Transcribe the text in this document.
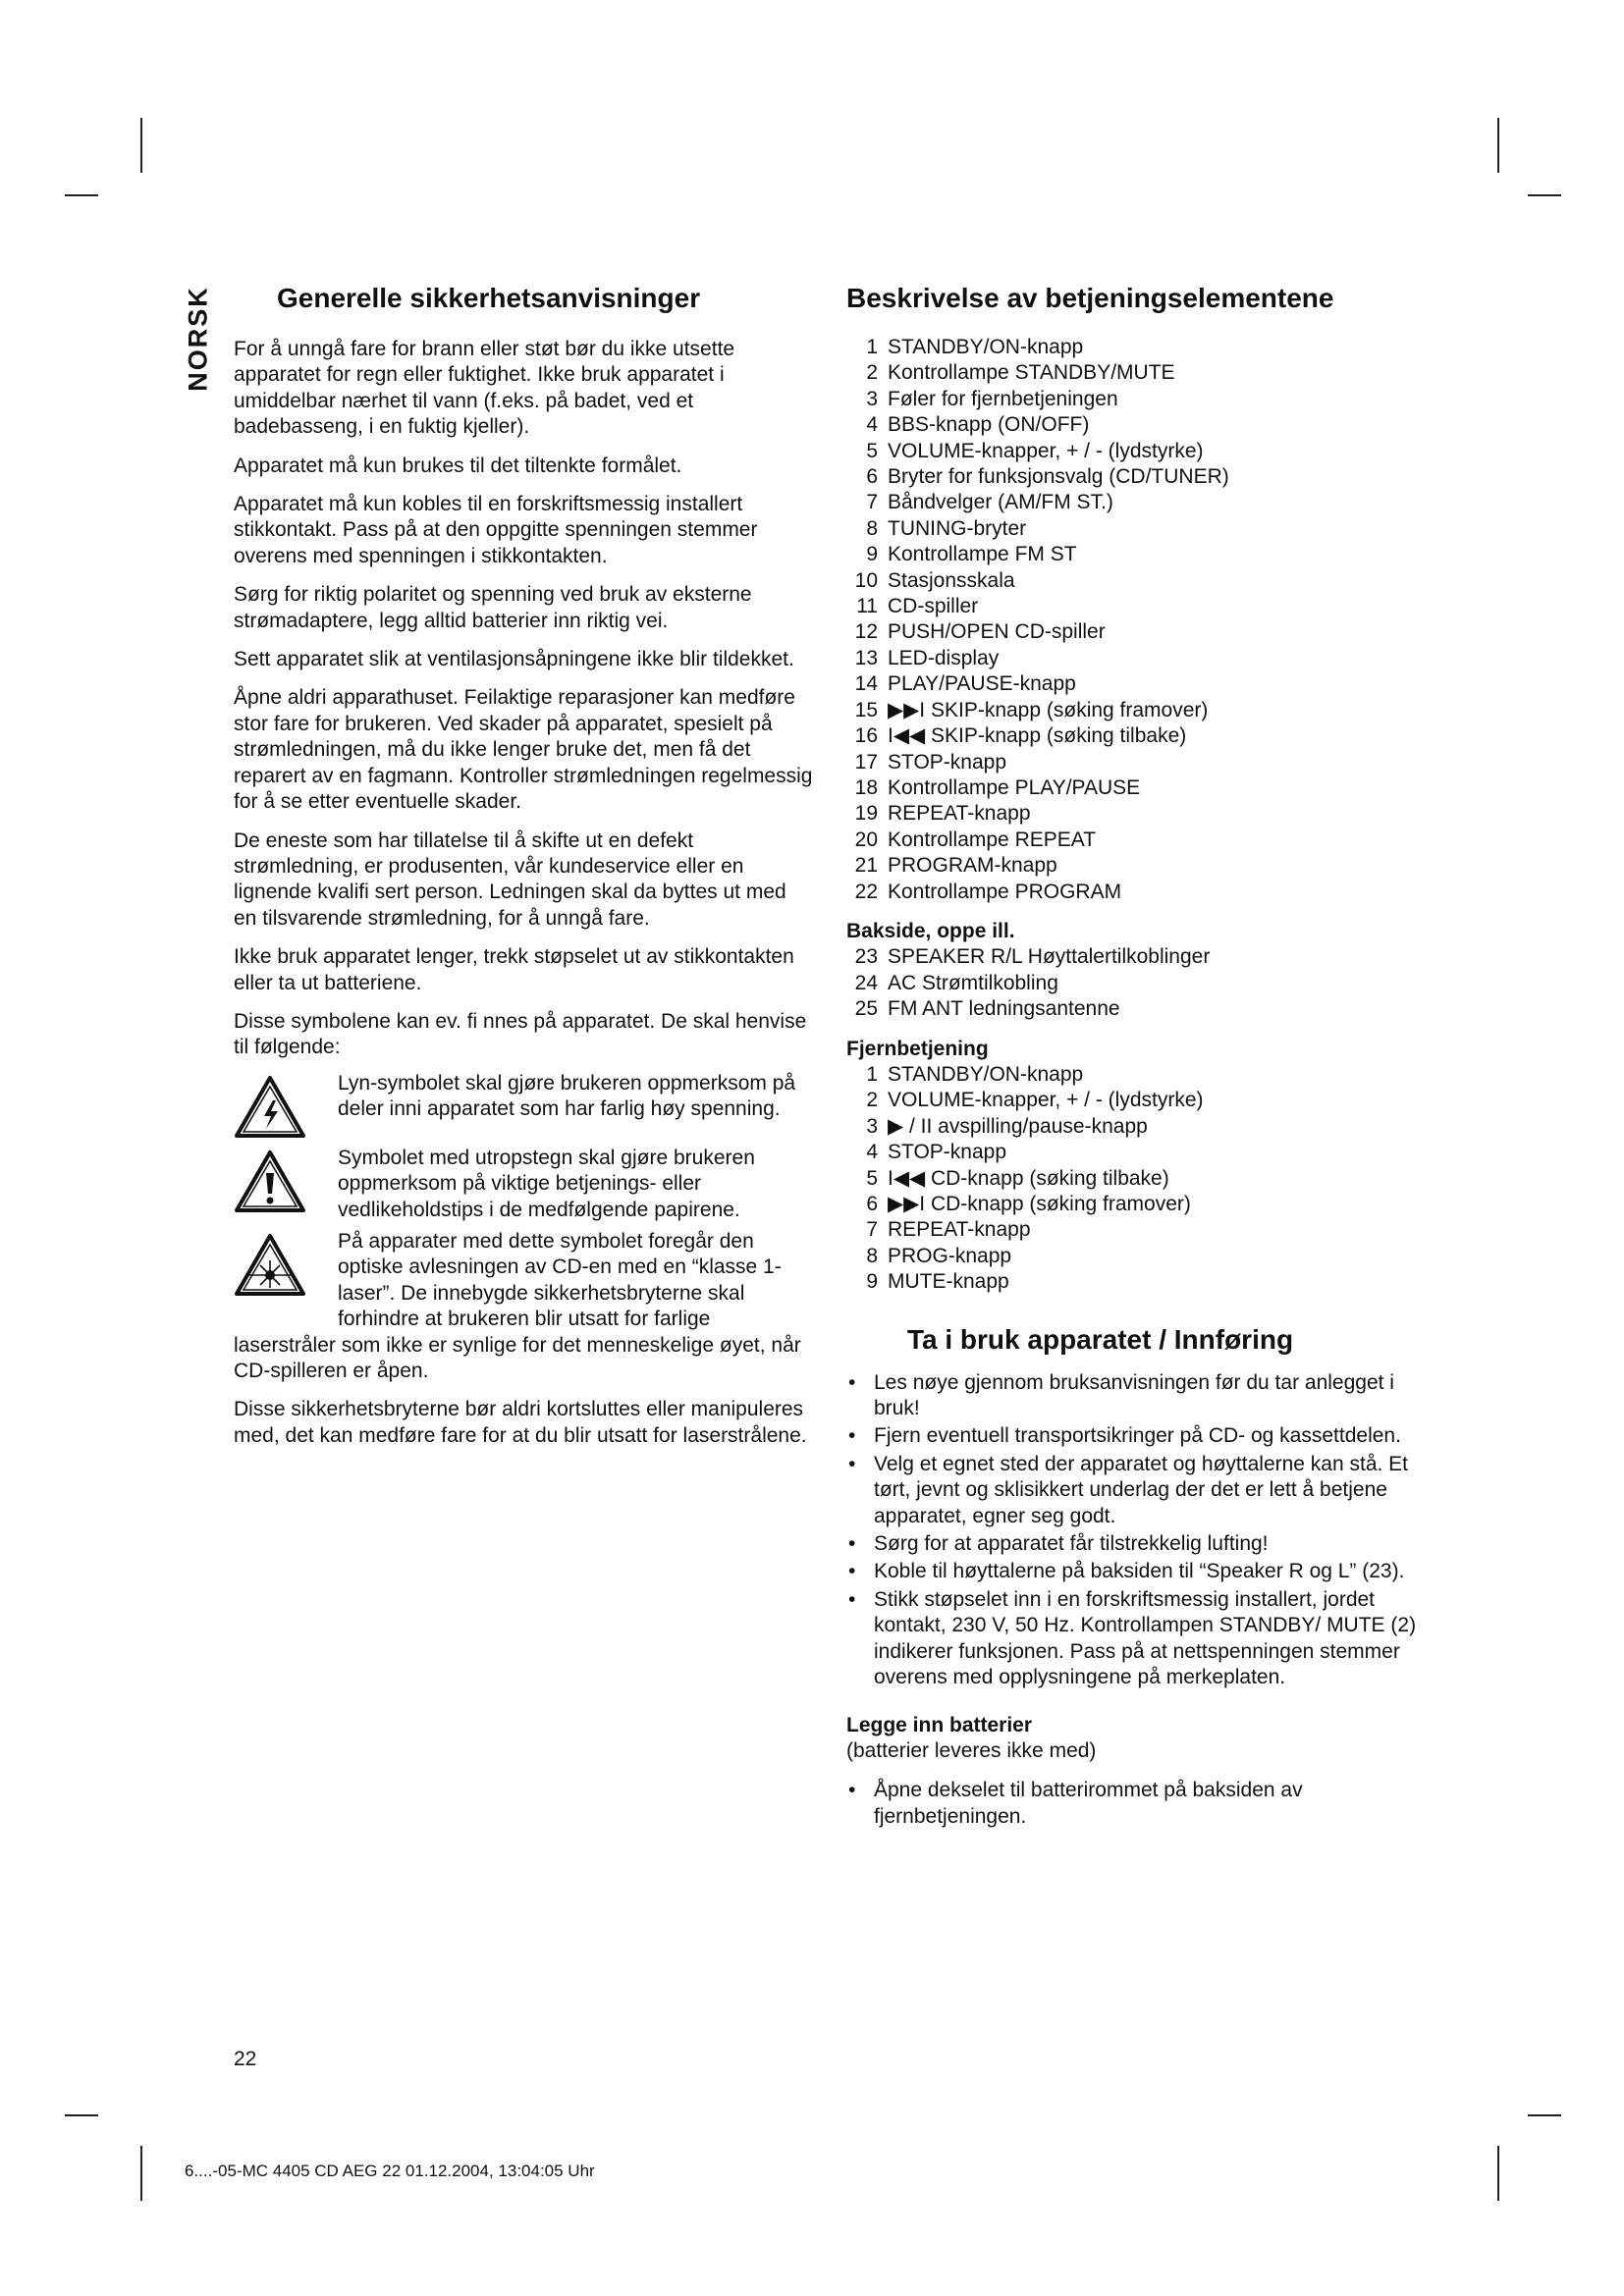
NORSK Generelle sikkerhetsanvisninger

For å unngå fare for brann eller støt bør du ikke utsette apparatet for regn eller fuktighet. Ikke bruk apparatet i umiddelbar nærhet til vann (f.eks. på badet, ved et badebasseng, i en fuktig kjeller).

Apparatet må kun brukes til det tiltenkte formålet.

Apparatet må kun kobles til en forskriftsmessig installert stikkontakt. Pass på at den oppgitte spenningen stemmer overens med spenningen i stikkontakten.

Sørg for riktig polaritet og spenning ved bruk av eksterne strømadaptere, legg alltid batterier inn riktig vei.

Sett apparatet slik at ventilasjonsåpningene ikke blir tildekket.

Åpne aldri apparathuset. Feilaktige reparasjoner kan medføre stor fare for brukeren. Ved skader på apparatet, spesielt på strømledningen, må du ikke lenger bruke det, men få det reparert av en fagmann. Kontroller strømledningen regelmessig for å se etter eventuelle skader.

De eneste som har tillatelse til å skifte ut en defekt strømledning, er produsenten, vår kundeservice eller en lignende kvalifi sert person. Ledningen skal da byttes ut med en tilsvarende strømledning, for å unngå fare.

Ikke bruk apparatet lenger, trekk støpselet ut av stikkontakten eller ta ut batteriene.

Disse symbolene kan ev. fi nnes på apparatet. De skal henvise til følgende:

Lyn-symbolet skal gjøre brukeren oppmerksom på deler inni apparatet som har farlig høy spenning.

Symbolet med utropstegn skal gjøre brukeren oppmerksom på viktige betjenings- eller vedlikeholdstips i de medfølgende papirene.

På apparater med dette symbolet foregår den optiske avlesningen av CD-en med en “klasse 1-laser”. De innebygde sikkerhetsbryterne skal forhindre at brukeren blir utsatt for farlige

laserstråler som ikke er synlige for det menneskelige øyet, når CD-spilleren er åpen.

Disse sikkerhetsbryterne bør aldri kortsluttes eller manipuleres med, det kan medføre fare for at du blir utsatt for laserstrålene.

Beskrivelse av betjeningselementene
1 STANDBY/ON-knapp
2 Kontrollampe STANDBY/MUTE
3 Føler for fjernbetjeningen
4 BBS-knapp (ON/OFF)
5 VOLUME-knapper, + / - (lydstyrke)
6 Bryter for funksjonsvalg (CD/TUNER)
7 Båndvelger (AM/FM ST.)
8 TUNING-bryter
9 Kontrollampe FM ST
10 Stasjonsskala
11 CD-spiller
12 PUSH/OPEN CD-spiller
13 LED-display
14 PLAY/PAUSE-knapp
15 ▶▶I SKIP-knapp (søking framover)
16 I◀◀ SKIP-knapp (søking tilbake)
17 STOP-knapp
18 Kontrollampe PLAY/PAUSE
19 REPEAT-knapp
20 Kontrollampe REPEAT
21 PROGRAM-knapp
22 Kontrollampe PROGRAM
Bakside, oppe ill.
23 SPEAKER R/L Høyttalertilkoblinger
24 AC Strømtilkobling
25 FM ANT ledningsantenne
Fjernbetjening
1 STANDBY/ON-knapp
2 VOLUME-knapper, + / - (lydstyrke)
3 ▶ / II avspilling/pause-knapp
4 STOP-knapp
5 I◀◀ CD-knapp (søking tilbake)
6 ▶▶I CD-knapp (søking framover)
7 REPEAT-knapp
8 PROG-knapp
9 MUTE-knapp
Ta i bruk apparatet / Innføring
• Les nøye gjennom bruksanvisningen før du tar anlegget i bruk!
• Fjern eventuell transportsikringer på CD- og kassettdelen.
• Velg et egnet sted der apparatet og høyttalerne kan stå. Et tørt, jevnt og sklisikkert underlag der det er lett å betjene apparatet, egner seg godt.
• Sørg for at apparatet får tilstrekkelig lufting!
• Koble til høyttalerne på baksiden til “Speaker R og L” (23).
• Stikk støpselet inn i en forskriftsmessig installert, jordet kontakt, 230 V, 50 Hz. Kontrollampen STANDBY/ MUTE (2) indikerer funksjonen. Pass på at nettspenningen stemmer overens med opplysningene på merkeplaten.
Legge inn batterier

(batterier leveres ikke med)

• Åpne dekselet til batterirommet på baksiden av fjernbetjeningen.
22
6....-05-MC 4405 CD AEG 22 01.12.2004, 13:04:05 Uhr
